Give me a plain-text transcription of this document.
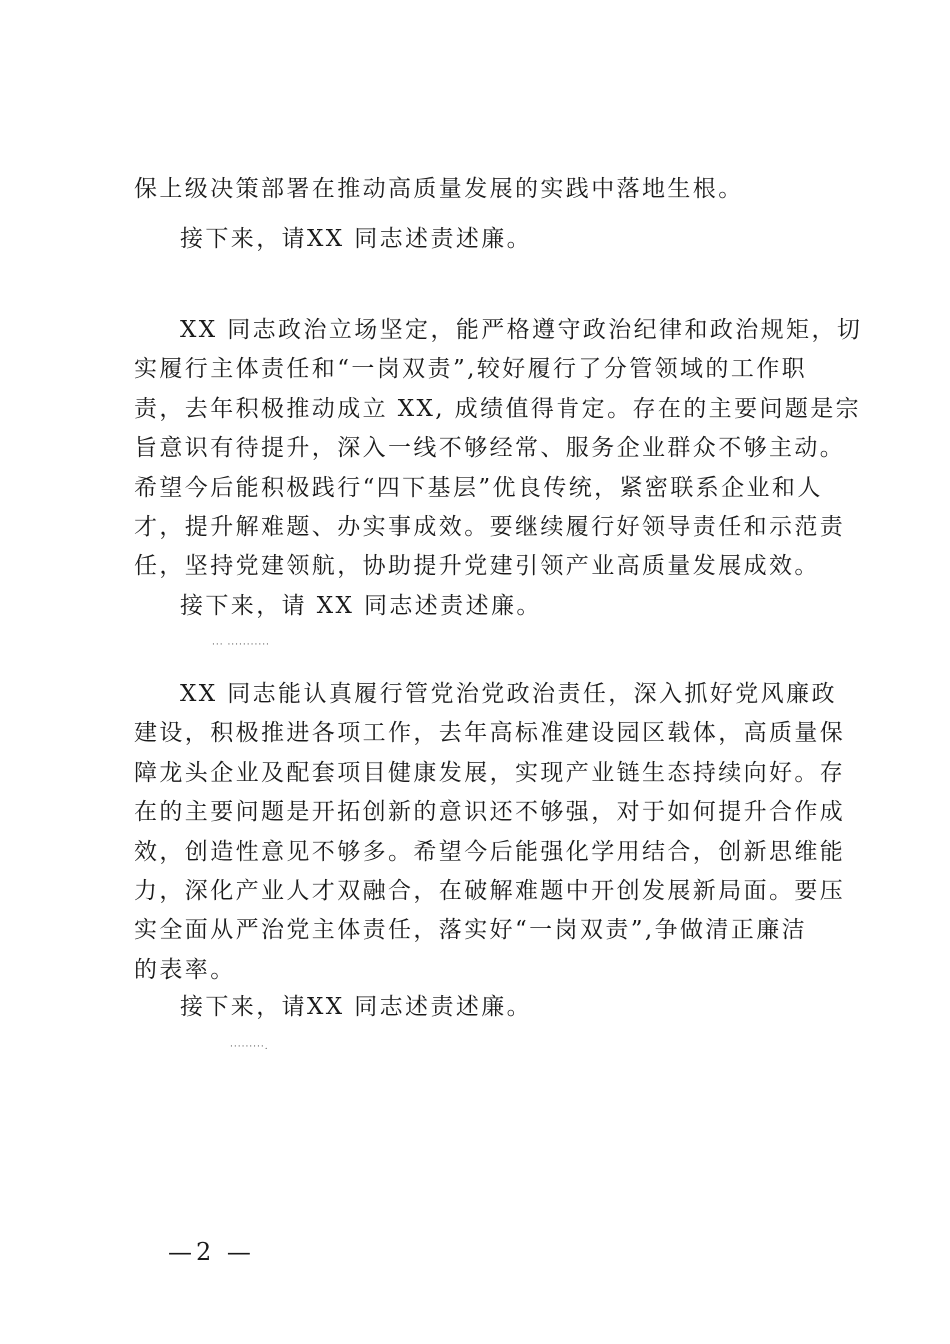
保上级决策部署在推动高质量发展的实践中落地生根。
接下来，请XX 同志述责述廉。
XX 同志政治立场坚定，能严格遵守政治纪律和政治规矩，切
实履行主体责任和“一岗双责”,较好履行了分管领域的工作职
责，去年积极推动成立 XX, 成绩值得肯定。存在的主要问题是宗
旨意识有待提升，深入一线不够经常、服务企业群众不够主动。
希望今后能积极践行“四下基层”优良传统，紧密联系企业和人
才，提升解难题、办实事成效。要继续履行好领导责任和示范责
任，坚持党建领航，协助提升党建引领产业高质量发展成效。
接下来，请 XX 同志述责述廉。
··· ···········
XX 同志能认真履行管党治党政治责任，深入抓好党风廉政
建设，积极推进各项工作，去年高标准建设园区载体，高质量保
障龙头企业及配套项目健康发展，实现产业链生态持续向好。存
在的主要问题是开拓创新的意识还不够强，对于如何提升合作成
效，创造性意见不够多。希望今后能强化学用结合，创新思维能
力，深化产业人才双融合，在破解难题中开创发展新局面。要压
实全面从严治党主体责任，落实好“一岗双责”,争做清正廉洁
的表率。
接下来，请XX 同志述责述廉。
·········.
—2 —
